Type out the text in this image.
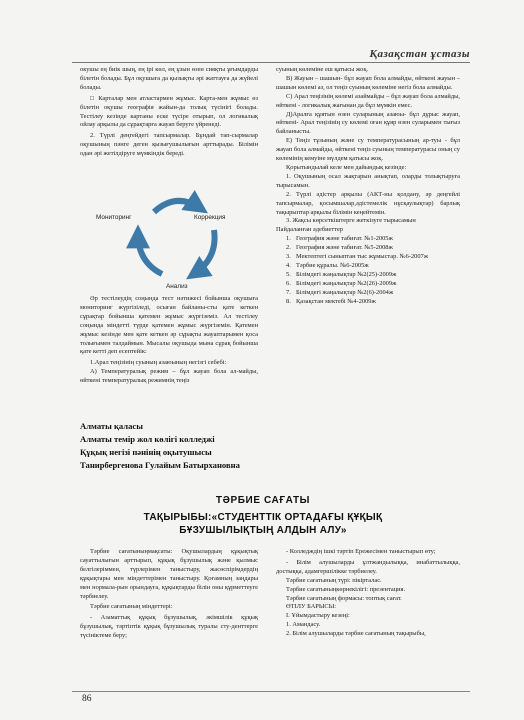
Қазақстан ұстазы

окушы ең биік шың, ең ірі көл, ең ұзын өзен сияқты ұғымдарды білетін болады. Бұл оқушыға да қызықты әрі жаттауға да жүйелі болады.

□ Карталар мен атластармен жұмыс. Карта-мен жұмыс өз білетін оқушы географія жайын-да толық түсінігі болады. Тестілеу кезінде картаны еске түсіре отырып, ол логикалық ойлау арқылы да сұрақтарға жауап беруге үйренеді.

2. Түрлі деңгейдегі тапсырмалар. Бұндай тап-сырмалар оқушының пәнге деген қызығушылығын арттырады. Білімін одан әрі жетілдіруге мүмкіндік береді.

Мониторинг	Коррекция
Анализ

Әр тестілеудің соңында тест нәтижесі бойынша оқушыға мониторинг жүргізіледі, осыған байланы-сты қате кеткен сұрақтар бойынша қатемен жұмыс жүргіземіз. Ал тестілеу соңында міндетті түрде қатемен жұмыс жүргіземін. Қатемен жұмыс кезінде мен қате кеткен әр сұрақты жауаптарымен қоса толығымен талдаймын. Мысалы оқушыда мына сұрақ бойынша қате кетті деп есептейік:

1.Арал теңізінің суының азаюының негізгі себебі:

А) Температуралық режим – бұл жауап бола ал-майды, өйткені температуралық режимнің теңіз

суының көлеміне еш қатысы жоқ.

B) Жауын – шашын- бұл жауап бола алмайды, өйткені жауын –шашын көлемі аз, ол теңіз суының көлеміне негіз бола алмайды.

C) Арал теңізінің көлемі азаймайды – бұл жауап бола алмайды, өйткені - логикалық жағынан да бұл мүмкін емес.

Д)Аралға құятын өзен суларының азаюы- бұл дұрыс жауап, өйткені- Арал теңізінің су көлемі оған құяр өзен суларымен тығыз байланысты.

Е) Теңіз тұзының және су температурасының ар-туы - бұл жауап бола алмайды, өйткені теңіз суының температурасы оның су көлемінің кемуіне мүлдем қатысы жоқ.

Қорытындылай келе мен дайындық кезінде:

1. Оқушының осал жақтарын анықтап, оларды толықтыруға тырысамын.

2. Түрлі әдістер арқылы (АКТ-ны қолдану, әр деңгейлі тапсырмалар, қосымшалар,әдістемелік нұсқаулықтар) барлық тақырыптар арқылы білімін кеңейтемін.

3. Жақсы көрсеткіштерге жеткізуге тырысамын

Пайдаланған әдебиеттер

1. География және табиғат. №1-2005ж
2. География және табиғат. №5-2008ж
3. Мектептегі сыныптан тыс жұмыстар. №6-2007ж
4. Тәрбие құралы. №6-2005ж
5. Білімдегі жаңалықтар №2(25)-2009ж
6. Білімдегі жаңалықтар №2(26)-2009ж
7. Білімдегі жаңалықтар №2(6)-2004ж
8. Қазақстан мектебі №4-2009ж
Алматы қаласы
Алматы темір жол көлігі колледжі
Құқық негізі пәнінің оқытушысы
Танирбергенова Гулайым Батырхановна
ТӘРБИЕ САҒАТЫ
ТАҚЫРЫБЫ:«СТУДЕНТТІК ОРТАДАҒЫ ҚҰҚЫҚ
БҰЗУШЫЛЫҚТЫҢ АЛДЫН АЛУ»

Тәрбие сағатыныңмақсаты: Оқушылардың құқықтық сауаттылығын арттырып, құқық бұзушылық және қылмыс белгілеріммен, түрлерімен таныстыру, жасөспірімдердің құқықтары мен міндеттерімен таныстыру. Қоғамның заңдары мен нормала-рын орындауға, құқықтарды білін оны құрметтеуге тәрбиелеу.

Тәрбие сағатының міндеттері:

- Азаматтық құқық бұзушылық, әкімшілік құқық бұзушылық, тәртіптік құқық бұзушылық туралы сту-денттерге түсініктеме беру;

- Колледждің ішкі тәртіп Ережесімен таныстырып өту;

- Білім алушыларды ұлтжандылыққа, инабаттылыққа, достыққа, адамгершілікке тәрбиелеу.

Тәрбие сағатының түрі: пікірталас.

Тәрбие сағатыныңкөрнекілігі: презентация.

Тәрбие сағатының формасы: топтық сағат.

ӨТІЛУ БАРЫСЫ:

І. Ұйымдастыру кезеңі:

1. Амандасу.

2. Білім алушыларды тәрбие сағатының тақырыбы,

86
